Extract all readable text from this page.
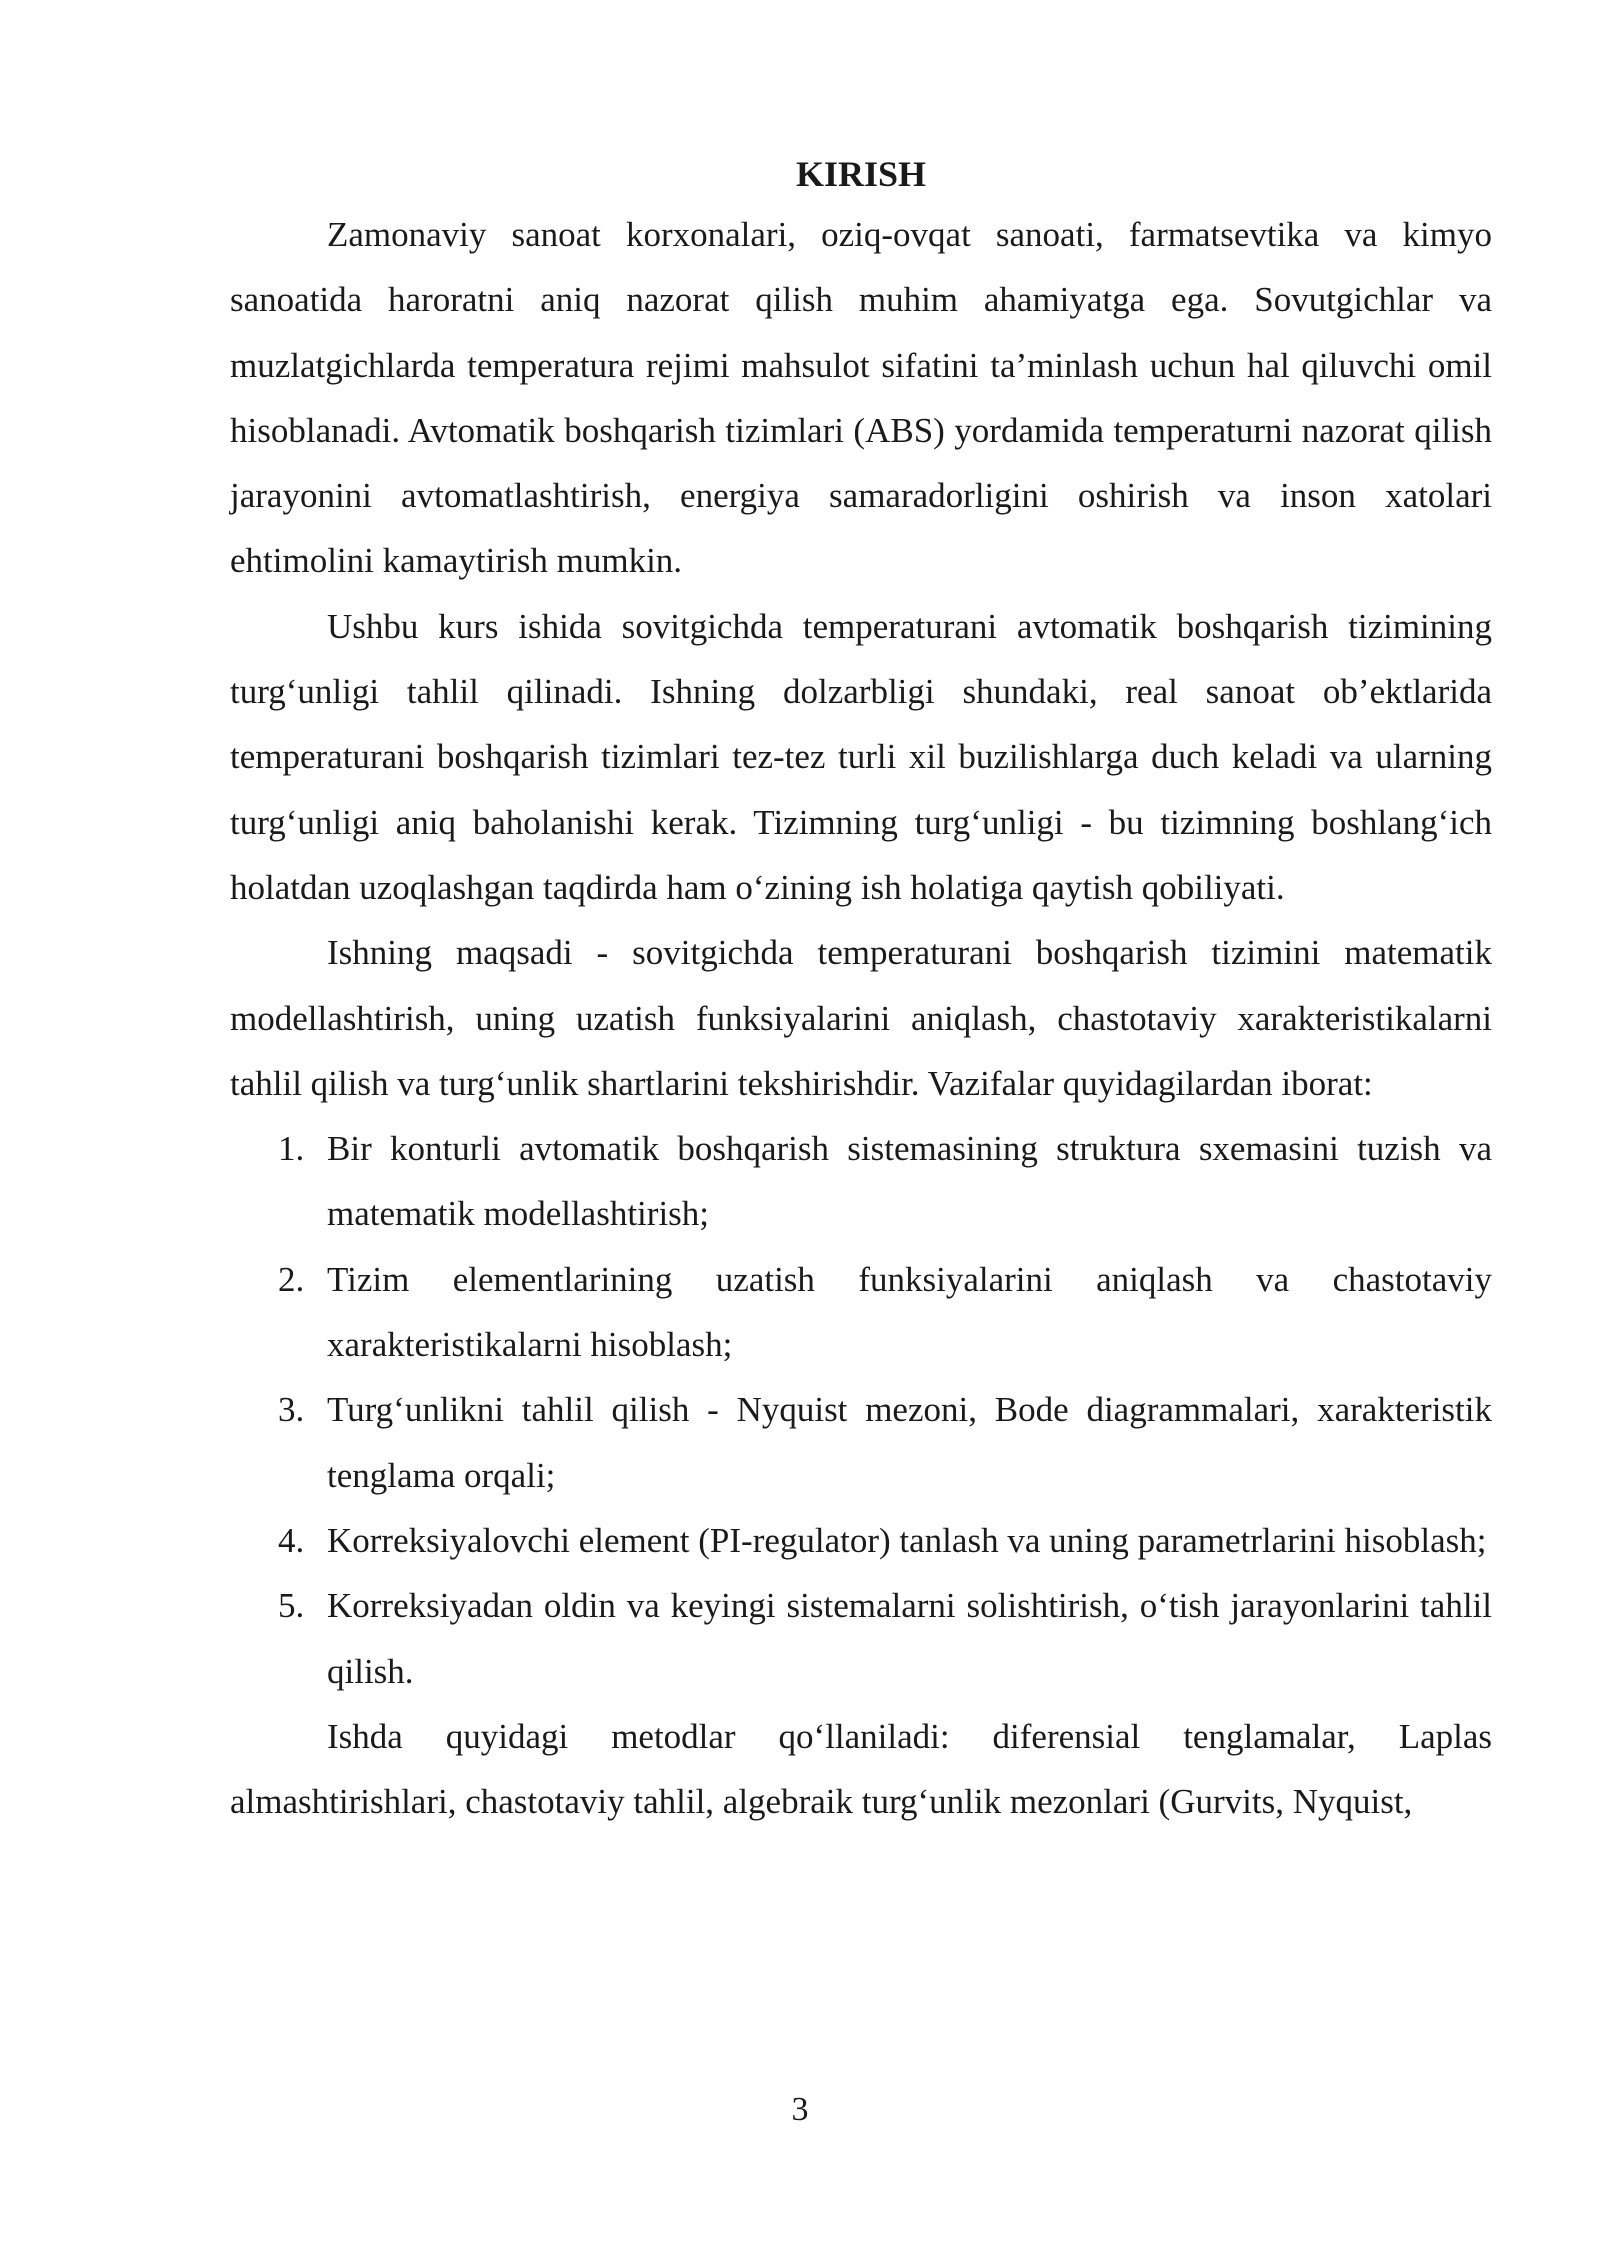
KIRISH

Zamonaviy sanoat korxonalari, oziq-ovqat sanoati, farmatsevtika va kimyo sanoatida haroratni aniq nazorat qilish muhim ahamiyatga ega. Sovutgichlar va muzlatgichlarda temperatura rejimi mahsulot sifatini ta’minlash uchun hal qiluvchi omil hisoblanadi. Avtomatik boshqarish tizimlari (ABS) yordamida temperaturni nazorat qilish jarayonini avtomatlashtirish, energiya samaradorligini oshirish va inson xatolari ehtimolini kamaytirish mumkin.

Ushbu kurs ishida sovitgichda temperaturani avtomatik boshqarish tizimining turg‘unligi tahlil qilinadi. Ishning dolzarbligi shundaki, real sanoat ob’ektlarida temperaturani boshqarish tizimlari tez-tez turli xil buzilishlarga duch keladi va ularning turg‘unligi aniq baholanishi kerak. Tizimning turg‘unligi - bu tizimning boshlang‘ich holatdan uzoqlashgan taqdirda ham o‘zining ish holatiga qaytish qobiliyati.

Ishning maqsadi - sovitgichda temperaturani boshqarish tizimini matematik modellashtirish, uning uzatish funksiyalarini aniqlash, chastotaviy xarakteristikalarni tahlil qilish va turg‘unlik shartlarini tekshirishdir. Vazifalar quyidagilardan iborat:

1. Bir konturli avtomatik boshqarish sistemasining struktura sxemasini tuzish va matematik modellashtirish;
2. Tizim elementlarining uzatish funksiyalarini aniqlash va chastotaviy xarakteristikalarni hisoblash;
3. Turg‘unlikni tahlil qilish - Nyquist mezoni, Bode diagrammalari, xarakteristik tenglama orqali;
4. Korreksiyalovchi element (PI-regulator) tanlash va uning parametrlarini hisoblash;
5. Korreksiyadan oldin va keyingi sistemalarni solishtirish, o‘tish jarayonlarini tahlil qilish.

Ishda quyidagi metodlar qo‘llaniladi: diferensial tenglamalar, Laplas almashtirishlari, chastotaviy tahlil, algebraik turg‘unlik mezonlari (Gurvits, Nyquist,

3
